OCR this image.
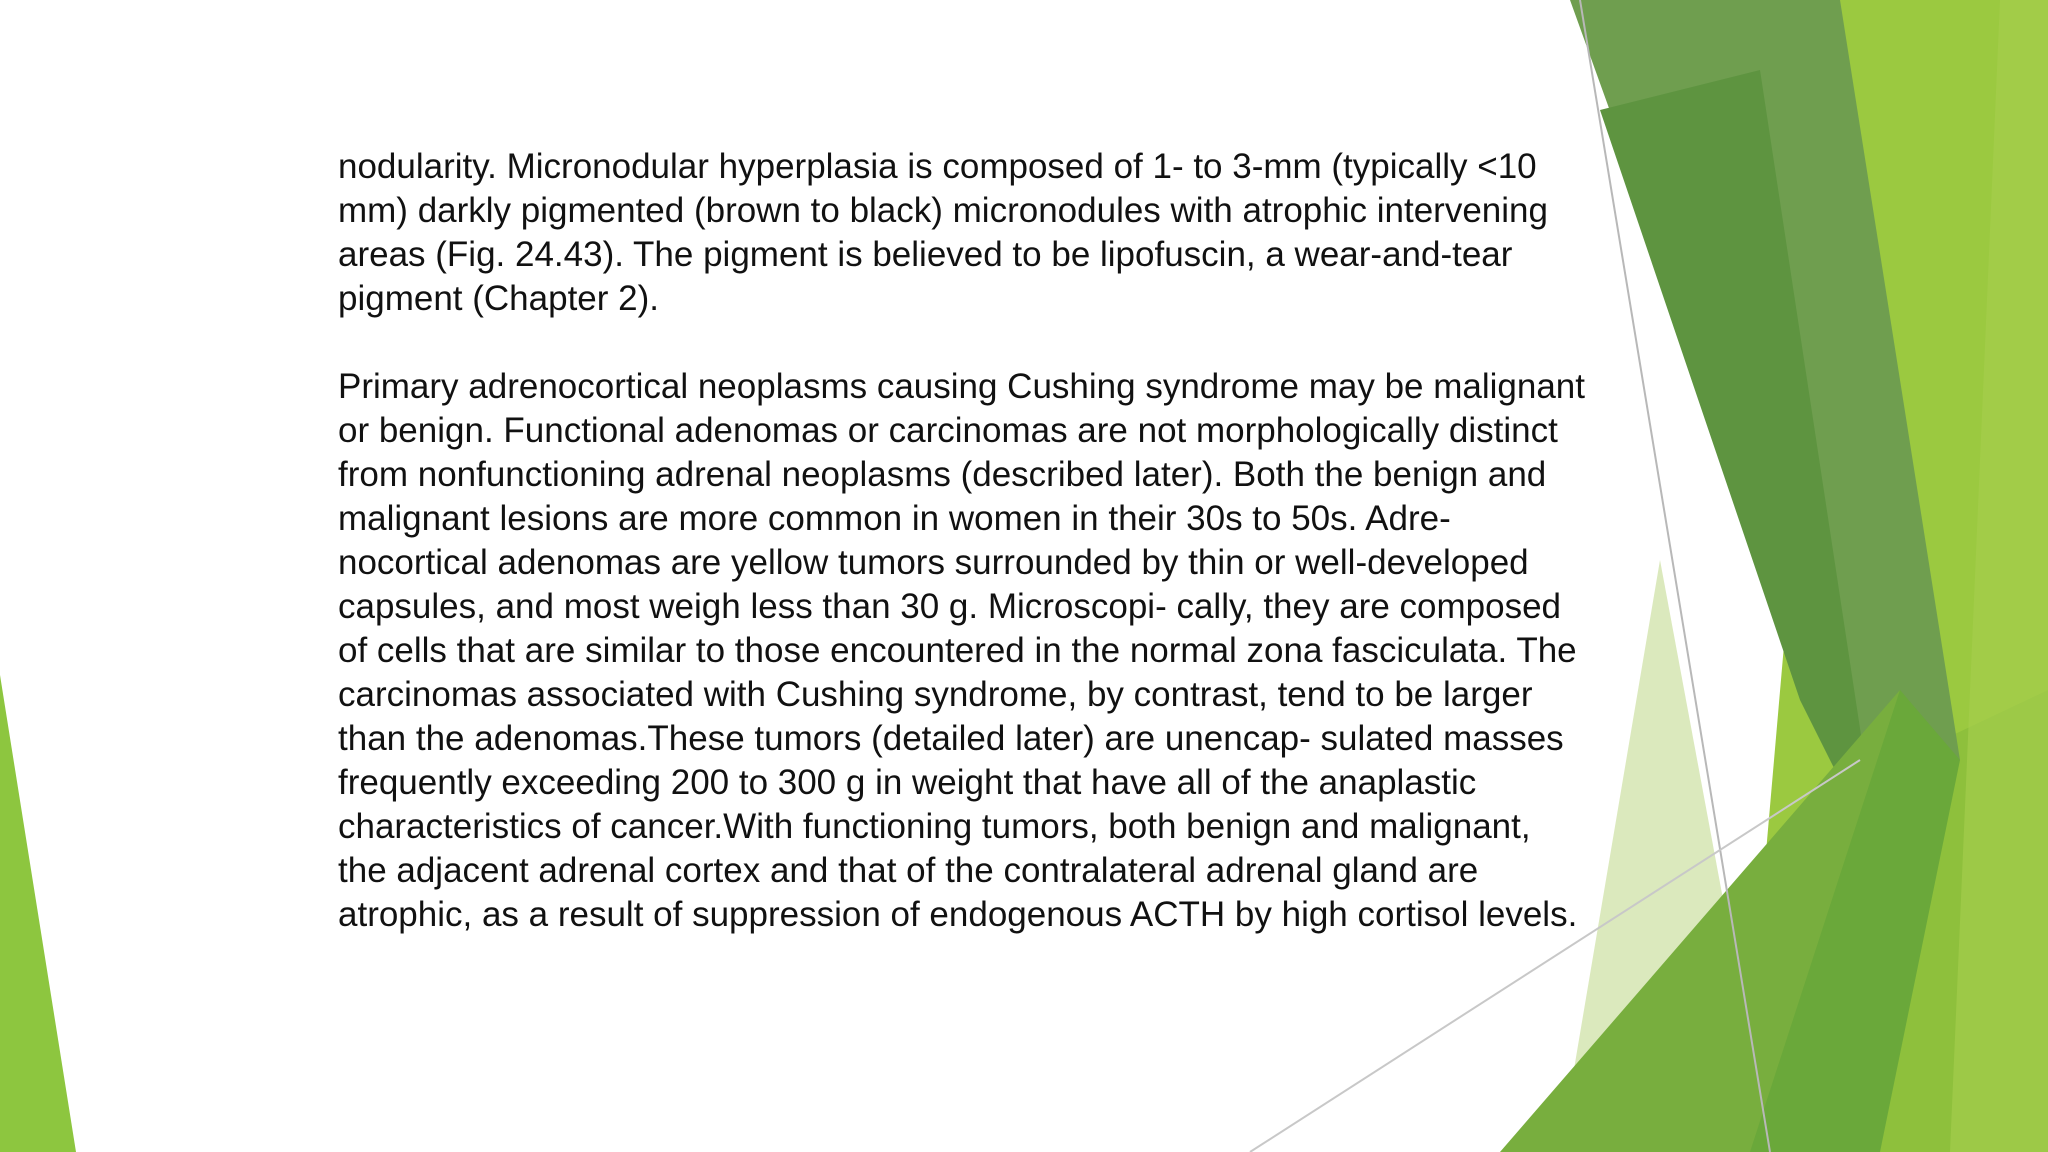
nodularity. Micronodular hyperplasia is composed of 1- to 3-mm (typically <10
mm) darkly pigmented (brown to black) micronodules with atrophic intervening
areas (Fig. 24.43). The pigment is believed to be lipofuscin, a wear-and-tear
pigment (Chapter 2).

Primary adrenocortical neoplasms causing Cushing syndrome may be malignant
or benign. Functional adenomas or carcinomas are not morphologically distinct
from nonfunctioning adrenal neoplasms (described later). Both the benign and
malignant lesions are more common in women in their 30s to 50s. Adre-
nocortical adenomas are yellow tumors surrounded by thin or well-developed
capsules, and most weigh less than 30 g. Microscopi- cally, they are composed
of cells that are similar to those encountered in the normal zona fasciculata. The
carcinomas associated with Cushing syndrome, by contrast, tend to be larger
than the adenomas.These tumors (detailed later) are unencap- sulated masses
frequently exceeding 200 to 300 g in weight that have all of the anaplastic
characteristics of cancer.With functioning tumors, both benign and malignant,
the adjacent adrenal cortex and that of the contralateral adrenal gland are
atrophic, as a result of suppression of endogenous ACTH by high cortisol levels.
